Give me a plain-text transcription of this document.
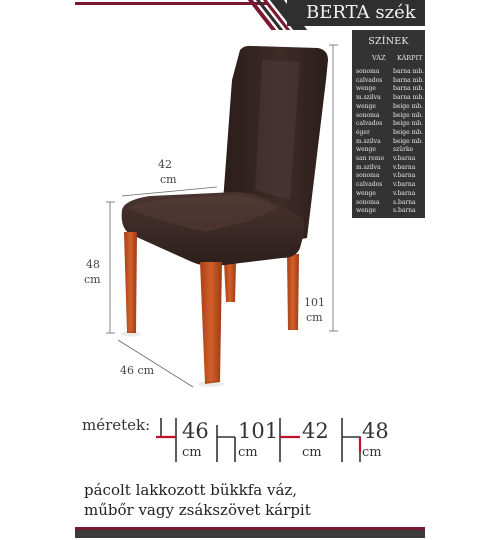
BERTA szék
42
cm
48
cm
101
cm
46 cm
SZÍNEK
VÁZ KÁRPIT
sonoma barna mb.
calvados barna mb.
wenge	barna mb.
m.szilva barna mb.
wenge	beige mb.
sonoma beige mb.
calvados beige mb.
éger	beige mb.
m.szilva beige mb.
wenge	szürke
san remo v.barna
m.szilva v.barna
sonoma v.barna
calvados v.barna
wenge	v.barna
sonoma s.barna
wenge	s.barna
méretek: 46
cm
101
cm
42
cm
48
cm
pácolt lakkozott bükkfa váz,
műbőr vagy zsákszövet kárpit
